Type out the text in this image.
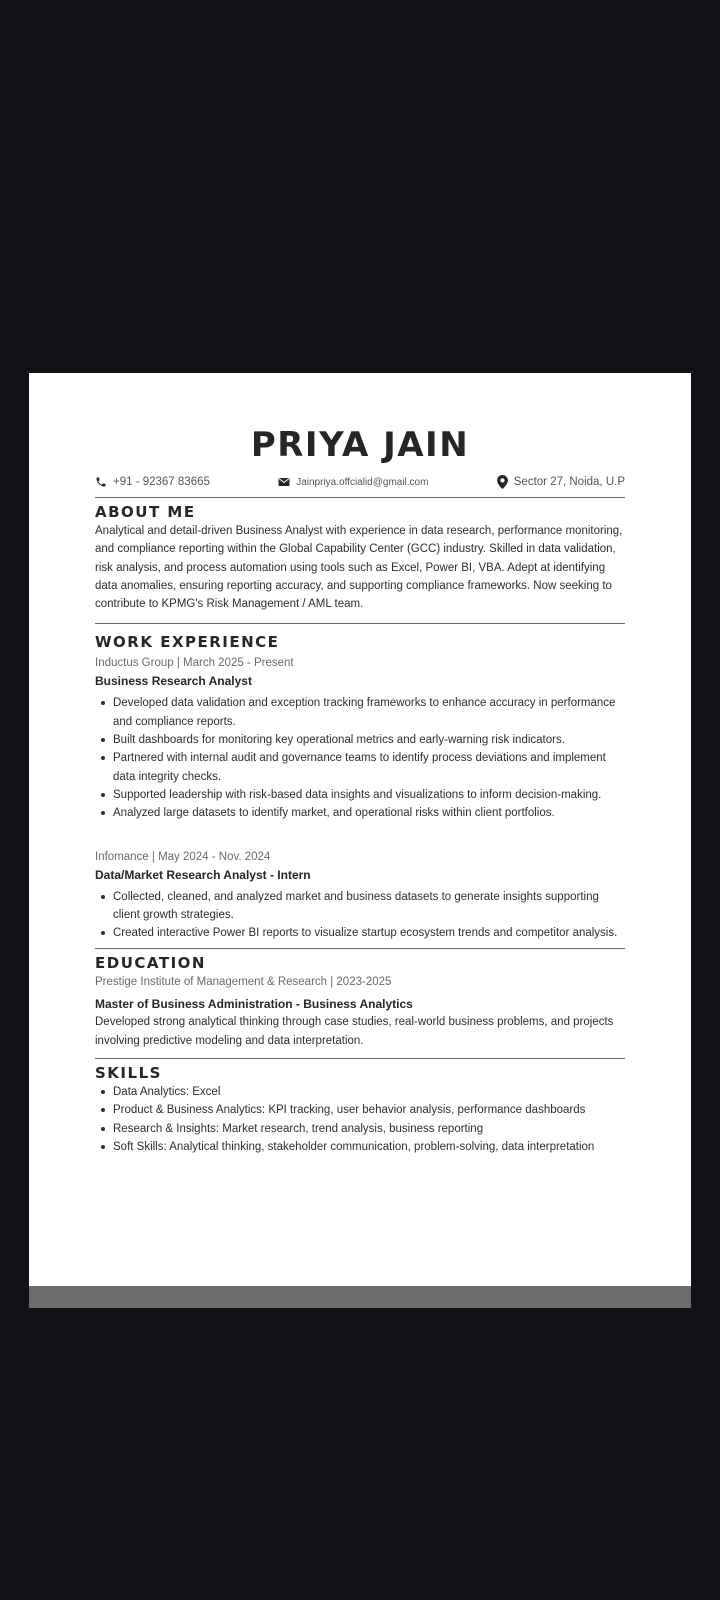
PRIYA JAIN
+91 - 92367 83665	Jainpriya.offcialid@gmail.com	Sector 27, Noida, U.P
ABOUT ME

Analytical and detail-driven Business Analyst with experience in data research, performance monitoring, and compliance reporting within the Global Capability Center (GCC) industry. Skilled in data validation, risk analysis, and process automation using tools such as Excel, Power BI, VBA. Adept at identifying data anomalies, ensuring reporting accuracy, and supporting compliance frameworks. Now seeking to contribute to KPMG's Risk Management / AML team.

WORK EXPERIENCE

Inductus Group | March 2025 - Present

Business Research Analyst

Developed data validation and exception tracking frameworks to enhance accuracy in performance and compliance reports.
Built dashboards for monitoring key operational metrics and early-warning risk indicators.
Partnered with internal audit and governance teams to identify process deviations and implement data integrity checks.
Supported leadership with risk-based data insights and visualizations to inform decision-making.
Analyzed large datasets to identify market, and operational risks within client portfolios.

Infomance | May 2024 - Nov. 2024

Data/Market Research Analyst - Intern

Collected, cleaned, and analyzed market and business datasets to generate insights supporting client growth strategies.
Created interactive Power BI reports to visualize startup ecosystem trends and competitor analysis.
EDUCATION

Prestige Institute of Management & Research | 2023-2025

Master of Business Administration - Business Analytics

Developed strong analytical thinking through case studies, real-world business problems, and projects involving predictive modeling and data interpretation.

SKILLS
Data Analytics: Excel
Product & Business Analytics: KPI tracking, user behavior analysis, performance dashboards
Research & Insights: Market research, trend analysis, business reporting
Soft Skills: Analytical thinking, stakeholder communication, problem-solving, data interpretation
